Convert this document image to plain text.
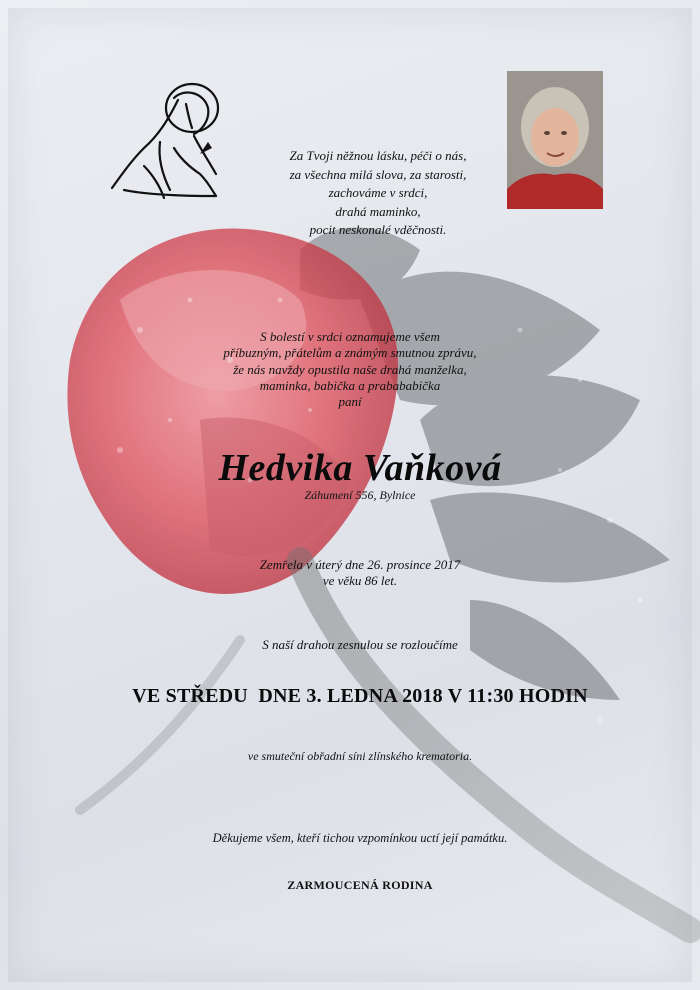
Za Tvoji něžnou lásku, péči o nás,
za všechna milá slova, za starosti,
zachováme v srdci,
drahá maminko,
pocit neskonalé vděčnosti.
S bolestí v srdci oznamujeme všem
příbuzným, přátelům a známým smutnou zprávu,
že nás navždy opustila naše drahá manželka,
maminka, babička a prabababička
paní
Hedvika Vaňková
Záhumení 556, Bylnice
Zemřela v úterý dne 26. prosince 2017
ve věku 86 let.
S naší drahou zesnulou se rozloučíme
VE STŘEDU  DNE 3. LEDNA 2018 V 11:30 HODIN
ve smuteční obřadní síni zlínského krematoria.
Děkujeme všem, kteří tichou vzpomínkou uctí její památku.
ZARMOUCENÁ RODINA
